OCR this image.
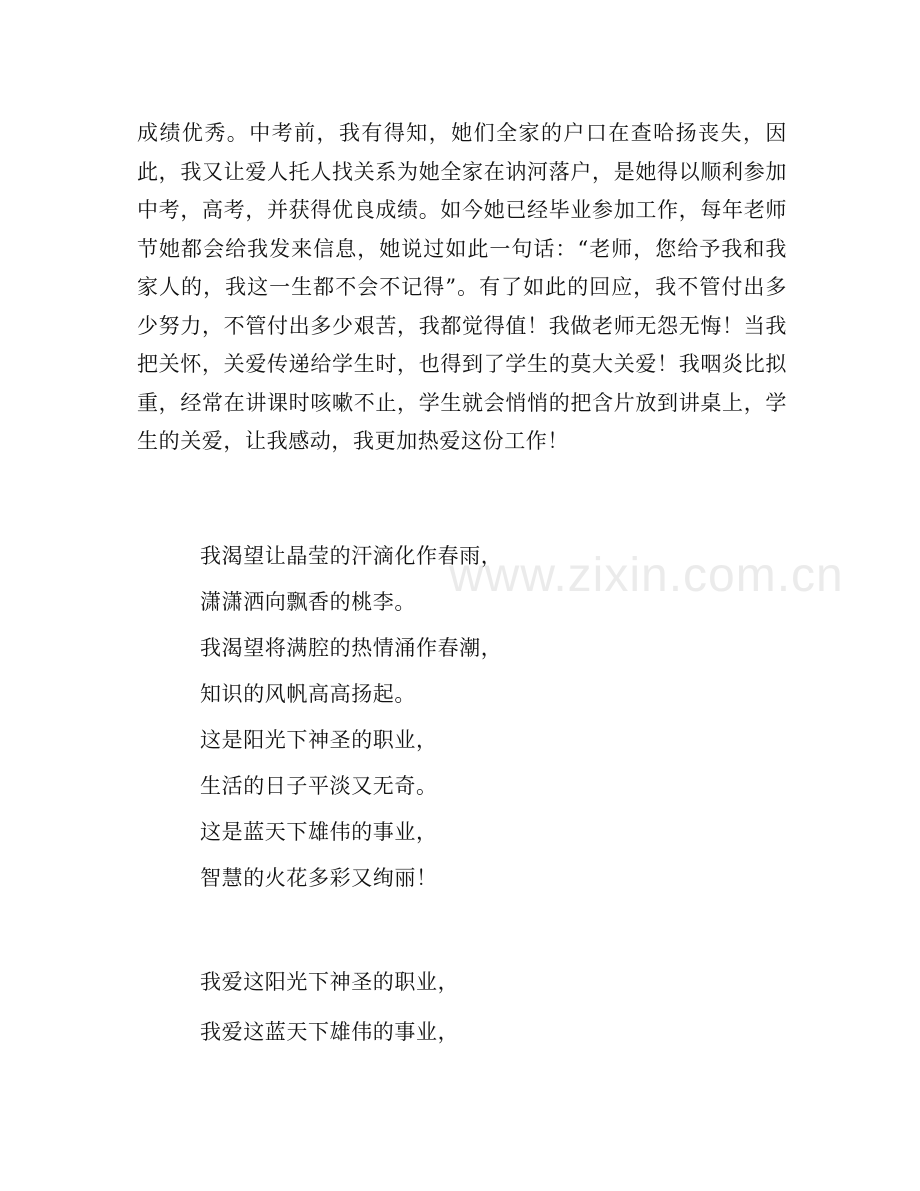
成绩优秀。中考前，我有得知，她们全家的户口在查哈扬丧失，因此，我又让爱人托人找关系为她全家在讷河落户，是她得以顺利参加中考，高考，并获得优良成绩。如今她已经毕业参加工作，每年老师节她都会给我发来信息，她说过如此一句话：“老师，您给予我和我家人的，我这一生都不会不记得”。有了如此的回应，我不管付出多少努力，不管付出多少艰苦，我都觉得值！我做老师无怨无悔！当我把关怀，关爱传递给学生时，也得到了学生的莫大关爱！我咽炎比拟重，经常在讲课时咳嗽不止，学生就会悄悄的把含片放到讲桌上，学生的关爱，让我感动，我更加热爱这份工作！

我渴望让晶莹的汗滴化作春雨，
潇潇洒向飘香的桃李。
我渴望将满腔的热情涌作春潮，
知识的风帆高高扬起。
这是阳光下神圣的职业，
生活的日子平淡又无奇。
这是蓝天下雄伟的事业，
智慧的火花多彩又绚丽！
我爱这阳光下神圣的职业，
我爱这蓝天下雄伟的事业，
www.zixin.com.cn
